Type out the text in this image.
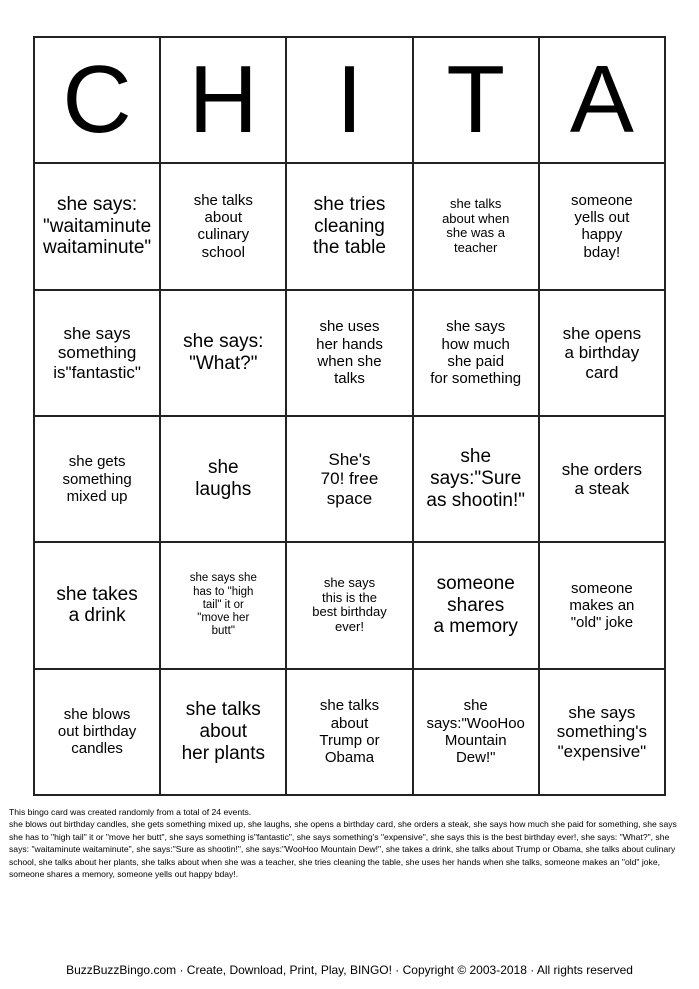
C H I T A
she says:
"waitaminute
waitaminute"
she talks
about
culinary
school
she tries
cleaning
the table
she talks
about when
she was a
teacher
someone
yells out
happy
bday!
she says
something
is"fantastic"
she says:
"What?"
she uses
her hands
when she
talks
she says
how much
she paid
for something
she opens
a birthday
card
she gets
something
mixed up
she
laughs
She's
70! free
space
she
says:"Sure
as shootin!"
she orders
a steak
she takes
a drink
she says she
has to "high
tail" it or
"move her
butt"
she says
this is the
best birthday
ever!
someone
shares
a memory
someone
makes an
"old" joke
she blows
out birthday
candles
she talks
about
her plants
she talks
about
Trump or
Obama
she
says:"WooHoo
Mountain
Dew!"
she says
something's
"expensive"
This bingo card was created randomly from a total of 24 events.
she blows out birthday candles, she gets something mixed up, she laughs, she opens a birthday card, she orders a steak, she says how much she paid for something, she says she has to "high tail" it or "move her butt", she says something is"fantastic", she says something's "expensive", she says this is the best birthday ever!, she says: "What?", she says: "waitaminute waitaminute", she says:"Sure as shootin!", she says:"WooHoo Mountain Dew!", she takes a drink, she talks about Trump or Obama, she talks about culinary school, she talks about her plants, she talks about when she was a teacher, she tries cleaning the table, she uses her hands when she talks, someone makes an "old" joke, someone shares a memory, someone yells out happy bday!.
BuzzBuzzBingo.com · Create, Download, Print, Play, BINGO! · Copyright © 2003-2018 · All rights reserved
